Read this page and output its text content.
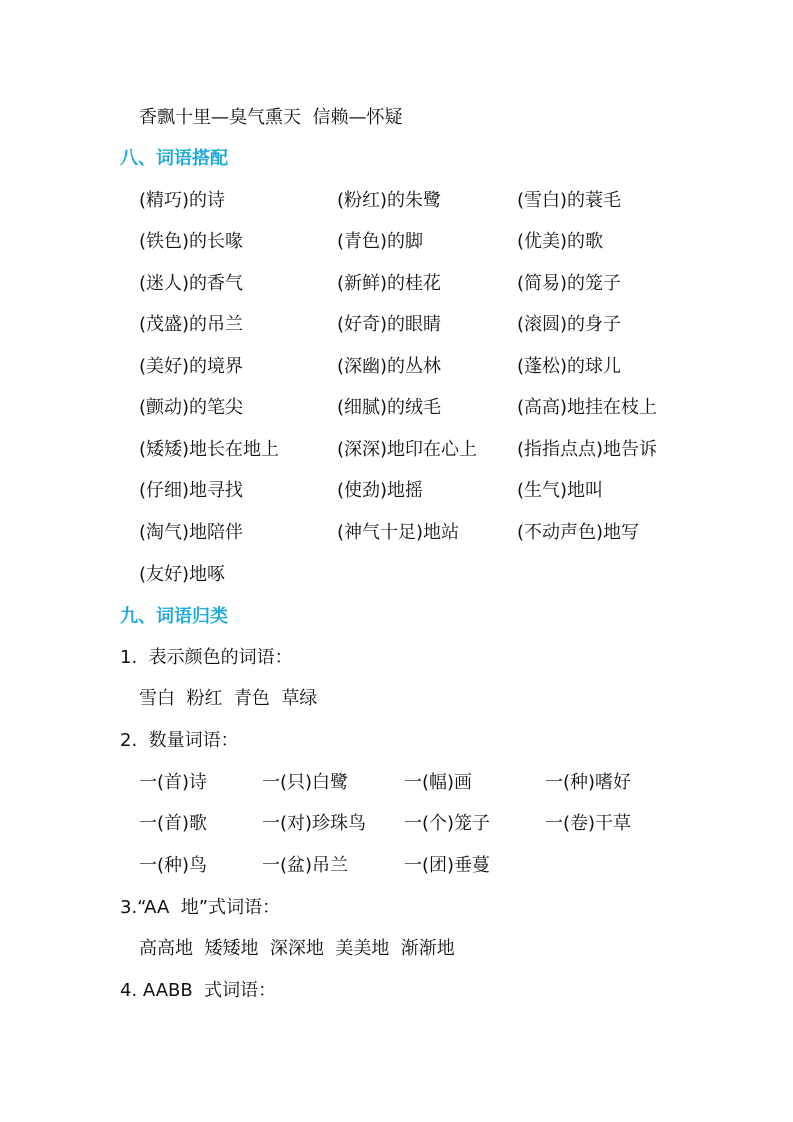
香飘十里—臭气熏天  信赖—怀疑
八、词语搭配
(精巧)的诗	(粉红)的朱鹭	(雪白)的蓑毛
(铁色)的长喙	(青色)的脚	(优美)的歌
(迷人)的香气	(新鲜)的桂花	(简易)的笼子
(茂盛)的吊兰	(好奇)的眼睛	(滚圆)的身子
(美好)的境界	(深幽)的丛林	(蓬松)的球儿
(颤动)的笔尖	(细腻)的绒毛	(高高)地挂在枝上
(矮矮)地长在地上	(深深)地印在心上 (指指点点)地告诉
(仔细)地寻找	(使劲)地摇	(生气)地叫
(淘气)地陪伴	(神气十足)地站	(不动声色)地写
(友好)地啄
九、词语归类
1.  表示颜色的词语：
雪白  粉红  青色  草绿
2.  数量词语：
一(首)诗	一(只)白鹭	一(幅)画	一(种)嗜好
一(首)歌	一(对)珍珠鸟 一(个)笼子	一(卷)干草
一(种)鸟	一(盆)吊兰	一(团)垂蔓
3.“AA  地”式词语：
高高地  矮矮地  深深地  美美地  渐渐地
4. AABB  式词语：
